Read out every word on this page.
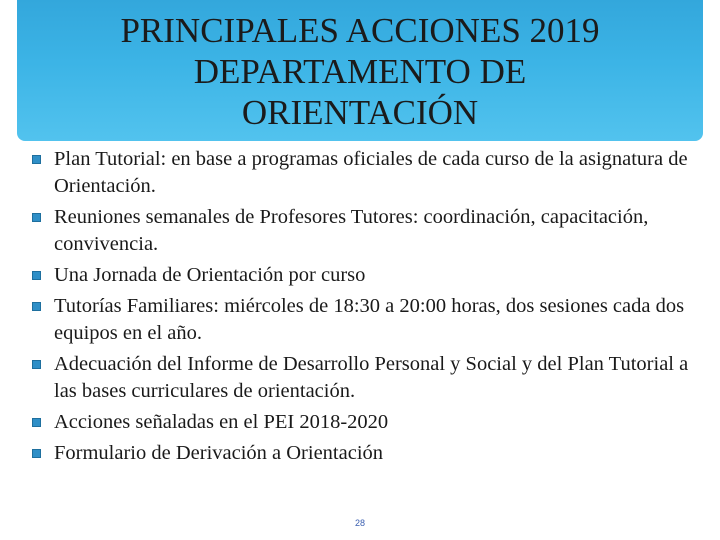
PRINCIPALES ACCIONES 2019
DEPARTAMENTO DE
ORIENTACIÓN
Plan Tutorial: en base a programas oficiales de cada curso de la asignatura de Orientación.
Reuniones semanales de Profesores Tutores: coordinación, capacitación, convivencia.
Una Jornada de Orientación por curso
Tutorías Familiares: miércoles de 18:30 a 20:00 horas, dos sesiones cada dos equipos en el año.
Adecuación del Informe de Desarrollo Personal y Social y del Plan Tutorial a las bases curriculares de orientación.
Acciones señaladas en el PEI 2018-2020
Formulario de Derivación a Orientación
28
